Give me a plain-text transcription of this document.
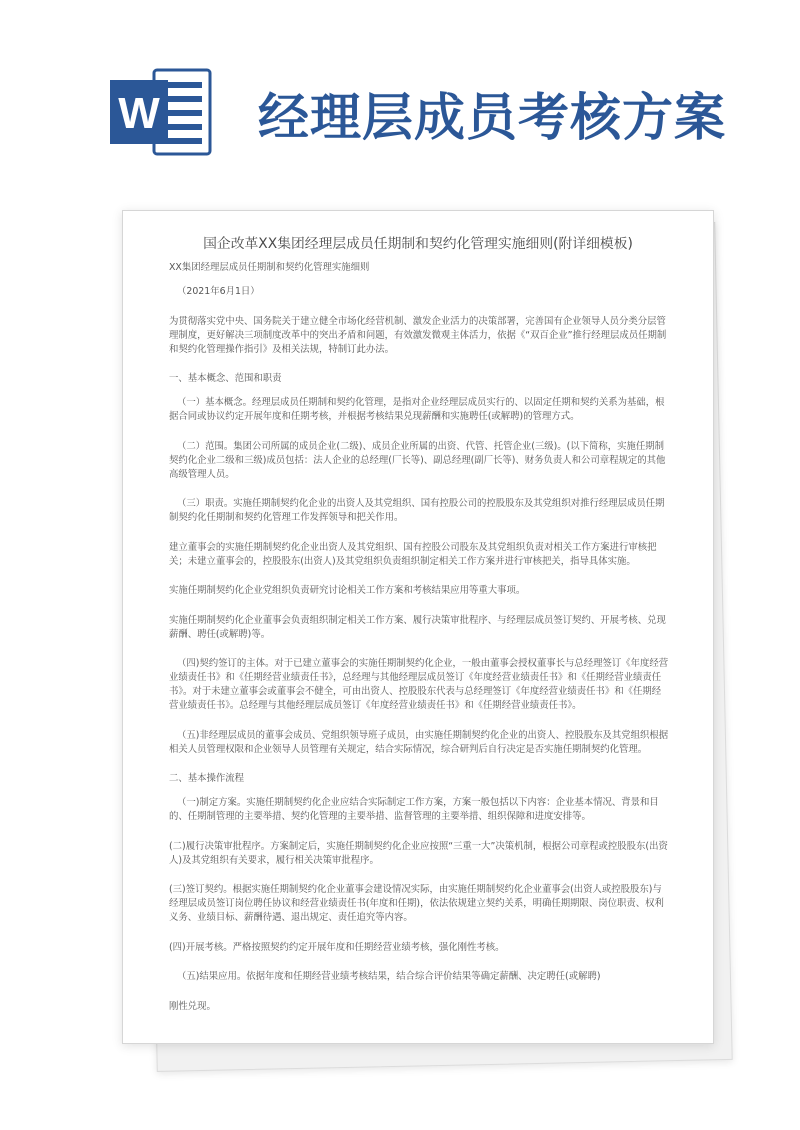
W 经理层成员考核方案
国企改革XX集团经理层成员任期制和契约化管理实施细则(附详细模板)

XX集团经理层成员任期制和契约化管理实施细则

（2021年6月1日）

为贯彻落实党中央、国务院关于建立健全市场化经营机制、激发企业活力的决策部署，完善国有企业领导人员分类分层管理制度，更好解决三项制度改革中的突出矛盾和问题，有效激发微观主体活力，依据《“双百企业”推行经理层成员任期制和契约化管理操作指引》及相关法规，特制订此办法。

一、基本概念、范围和职责

（一）基本概念。经理层成员任期制和契约化管理，是指对企业经理层成员实行的、以固定任期和契约关系为基础，根据合同或协议约定开展年度和任期考核，并根据考核结果兑现薪酬和实施聘任(或解聘)的管理方式。

（二）范围。集团公司所属的成员企业(二级)、成员企业所属的出资、代管、托管企业(三级)。(以下简称，实施任期制契约化企业二级和三级)成员包括：法人企业的总经理(厂长等)、副总经理(副厂长等)、财务负责人和公司章程规定的其他高级管理人员。

（三）职责。实施任期制契约化企业的出资人及其党组织、国有控股公司的控股股东及其党组织对推行经理层成员任期制契约化任期制和契约化管理工作发挥领导和把关作用。

建立董事会的实施任期制契约化企业出资人及其党组织、国有控股公司股东及其党组织负责对相关工作方案进行审核把关；未建立董事会的，控股股东(出资人)及其党组织负责组织制定相关工作方案并进行审核把关，指导具体实施。

实施任期制契约化企业党组织负责研究讨论相关工作方案和考核结果应用等重大事项。

实施任期制契约化企业董事会负责组织制定相关工作方案、履行决策审批程序、与经理层成员签订契约、开展考核、兑现薪酬、聘任(或解聘)等。

（四)契约签订的主体。对于已建立董事会的实施任期制契约化企业，一般由董事会授权董事长与总经理签订《年度经营业绩责任书》和《任期经营业绩责任书》，总经理与其他经理层成员签订《年度经营业绩责任书》和《任期经营业绩责任书》。对于未建立董事会或董事会不健全，可由出资人、控股股东代表与总经理签订《年度经营业绩责任书》和《任期经营业绩责任书》。总经理与其他经理层成员签订《年度经营业绩责任书》和《任期经营业绩责任书》。

（五)非经理层成员的董事会成员、党组织领导班子成员，由实施任期制契约化企业的出资人、控股股东及其党组织根据相关人员管理权限和企业领导人员管理有关规定，结合实际情况，综合研判后自行决定是否实施任期制契约化管理。

二、基本操作流程

（一)制定方案。实施任期制契约化企业应结合实际制定工作方案，方案一般包括以下内容：企业基本情况、背景和目的、任期制管理的主要举措、契约化管理的主要举措、监督管理的主要举措、组织保障和进度安排等。

(二)履行决策审批程序。方案制定后，实施任期制契约化企业应按照“三重一大”决策机制，根据公司章程或控股股东(出资人)及其党组织有关要求，履行相关决策审批程序。

(三)签订契约。根据实施任期制契约化企业董事会建设情况实际，由实施任期制契约化企业董事会(出资人或控股股东)与经理层成员签订岗位聘任协议和经营业绩责任书(年度和任期)，依法依规建立契约关系，明确任期期限、岗位职责、权利义务、业绩目标、薪酬待遇、退出规定、责任追究等内容。

(四)开展考核。严格按照契约约定开展年度和任期经营业绩考核，强化刚性考核。

（五)结果应用。依据年度和任期经营业绩考核结果，结合综合评价结果等确定薪酬、决定聘任(或解聘)

刚性兑现。
